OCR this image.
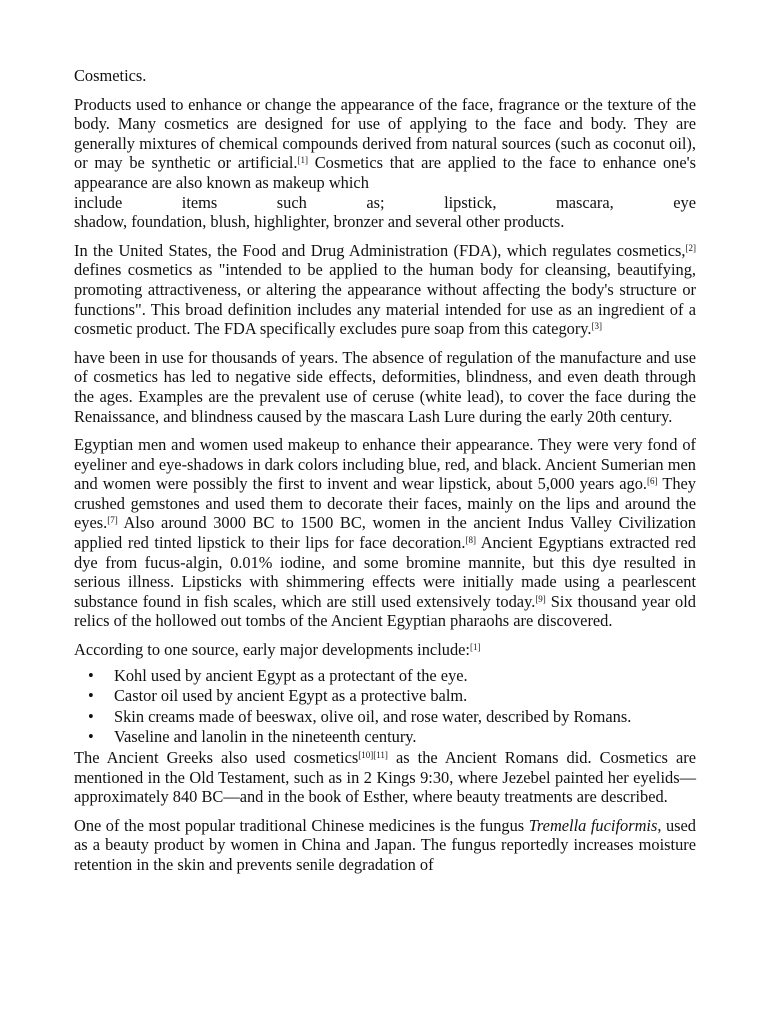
Cosmetics.

Products used to enhance or change the appearance of the face, fragrance or the texture of the body. Many cosmetics are designed for use of applying to the face and body. They are generally mixtures of chemical compounds derived from natural sources (such as coconut oil), or may be synthetic or artificial.[1] Cosmetics that are applied to the face to enhance one's appearance are also known as makeup which

include items such as; lipstick, mascara, eye

shadow, foundation, blush, highlighter, bronzer and several other products.

In the United States, the Food and Drug Administration (FDA), which regulates cosmetics,[2] defines cosmetics as "intended to be applied to the human body for cleansing, beautifying, promoting attractiveness, or altering the appearance without affecting the body's structure or functions". This broad definition includes any material intended for use as an ingredient of a cosmetic product. The FDA specifically excludes pure soap from this category.[3]

have been in use for thousands of years. The absence of regulation of the manufacture and use of cosmetics has led to negative side effects, deformities, blindness, and even death through the ages. Examples are the prevalent use of ceruse (white lead), to cover the face during the Renaissance, and blindness caused by the mascara Lash Lure during the early 20th century.

Egyptian men and women used makeup to enhance their appearance. They were very fond of eyeliner and eye-shadows in dark colors including blue, red, and black. Ancient Sumerian men and women were possibly the first to invent and wear lipstick, about 5,000 years ago.[6] They crushed gemstones and used them to decorate their faces, mainly on the lips and around the eyes.[7] Also around 3000 BC to 1500 BC, women in the ancient Indus Valley Civilization applied red tinted lipstick to their lips for face decoration.[8] Ancient Egyptians extracted red dye from fucus-algin, 0.01% iodine, and some bromine mannite, but this dye resulted in serious illness. Lipsticks with shimmering effects were initially made using a pearlescent substance found in fish scales, which are still used extensively today.[9] Six thousand year old relics of the hollowed out tombs of the Ancient Egyptian pharaohs are discovered.

According to one source, early major developments include:[1]

• Kohl used by ancient Egypt as a protectant of the eye.
• Castor oil used by ancient Egypt as a protective balm.
• Skin creams made of beeswax, olive oil, and rose water, described by Romans.
• Vaseline and lanolin in the nineteenth century.

The Ancient Greeks also used cosmetics[10][11] as the Ancient Romans did. Cosmetics are mentioned in the Old Testament, such as in 2 Kings 9:30, where Jezebel painted her eyelids—approximately 840 BC—and in the book of Esther, where beauty treatments are described.

One of the most popular traditional Chinese medicines is the fungus Tremella fuciformis, used as a beauty product by women in China and Japan. The fungus reportedly increases moisture retention in the skin and prevents senile degradation of
